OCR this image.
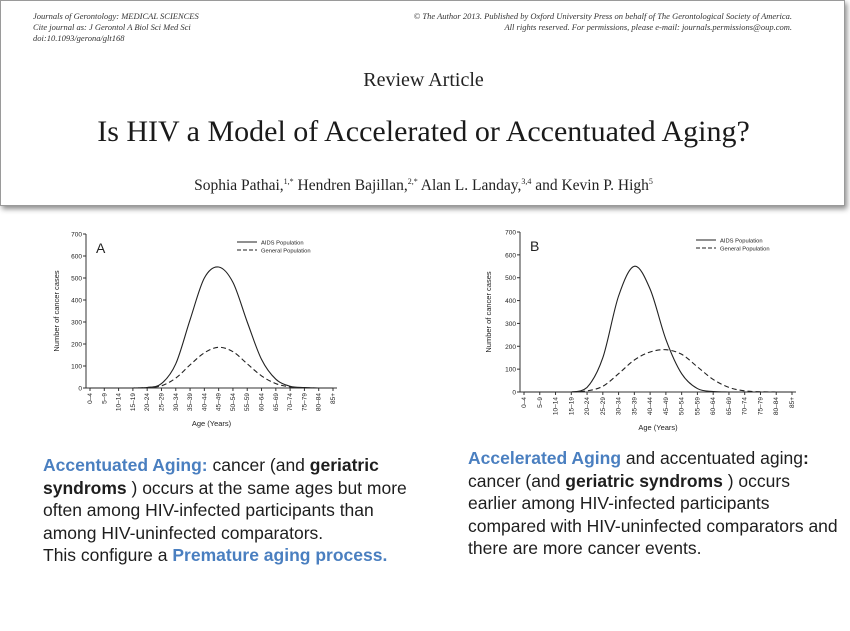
Journals of Gerontology: MEDICAL SCIENCES
Cite journal as: J Gerontol A Biol Sci Med Sci
doi:10.1093/gerona/glt168
© The Author 2013. Published by Oxford University Press on behalf of The Gerontological Society of America.
All rights reserved. For permissions, please e-mail: journals.permissions@oup.com.
Review Article
Is HIV a Model of Accelerated or Accentuated Aging?
Sophia Pathai,$^{1,*}$ Hendren Bajillan,$^{2,*}$ Alan L. Landay,$^{3,4}$ and Kevin P. High$^5$
0
100
200
300
400
500
600
700
0–4 5–9 10–14 15–19 20–24 25–29 30–34 35–39 40–44 45–49 50–54 55–59 60–64 65–69 70–74 75–79 80–84 85+
Age (Years)
Number of cancer cases
A	AIDS Population
General Population
0
100
200
300
400
500
600
700
0–4 5–9 10–14 15–19 20–24 25–29 30–34 35–39 40–44 45–49 50–54 55–59 60–64 65–69 70–74 75–79 80–84 85+
Age (Years)
Number of cancer cases
B	AIDS Population
General Population
Accentuated Aging: cancer (and geriatric syndroms ) occurs at the same ages but more often among HIV-infected participants than among HIV-uninfected comparators.
This configure a Premature aging process.
Accelerated Aging and accentuated aging: cancer (and geriatric syndroms ) occurs earlier among HIV-infected participants compared with HIV-uninfected comparators and there are more cancer events.
